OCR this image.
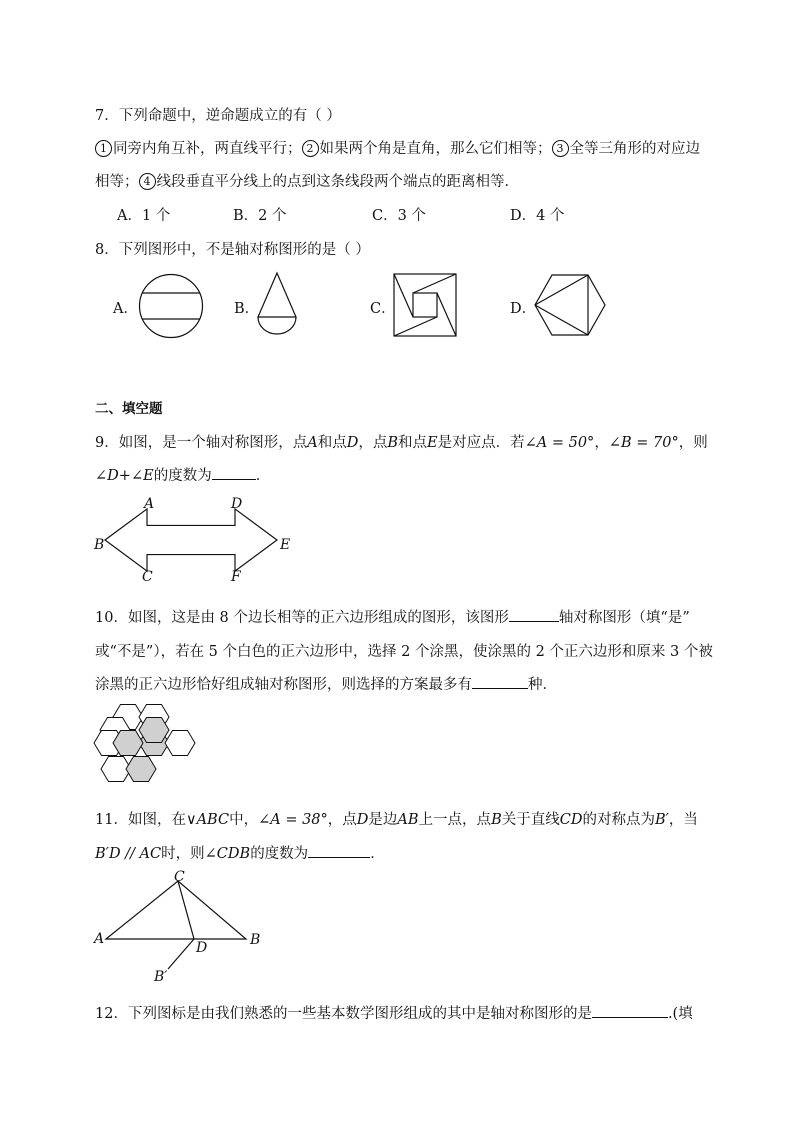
7．下列命题中，逆命题成立的有（ ）
1 同旁内角互补，两直线平行； 2 如果两个角是直角，那么它们相等； 3 全等三角形的对应边
相等； 4 线段垂直平分线上的点到这条线段两个端点的距离相等．
A．1 个	B．2 个	C．3 个	D．4 个
8．下列图形中，不是轴对称图形的是（ ）
A．	B．	C．	D．
二、填空题
9．如图，是一个轴对称图形，点A和点D，点B和点E是对应点．若∠A = 50°，∠B = 70°，则
∠D+∠E的度数为	．
A	D
B	E
C	F
10．如图，这是由 8 个边长相等的正六边形组成的图形，该图形	轴对称图形（填“是”
或“不是”），若在 5 个白色的正六边形中，选择 2 个涂黑，使涂黑的 2 个正六边形和原来 3 个被
涂黑的正六边形恰好组成轴对称图形，则选择的方案最多有	种．
11．如图，在∨ABC中，∠A = 38°，点D是边AB上一点，点B关于直线CD的对称点为B′，当
B′D // AC时，则∠CDB的度数为	．
C
A
D	B
B′
12．下列图标是由我们熟悉的一些基本数学图形组成的其中是轴对称图形的是	.(填
